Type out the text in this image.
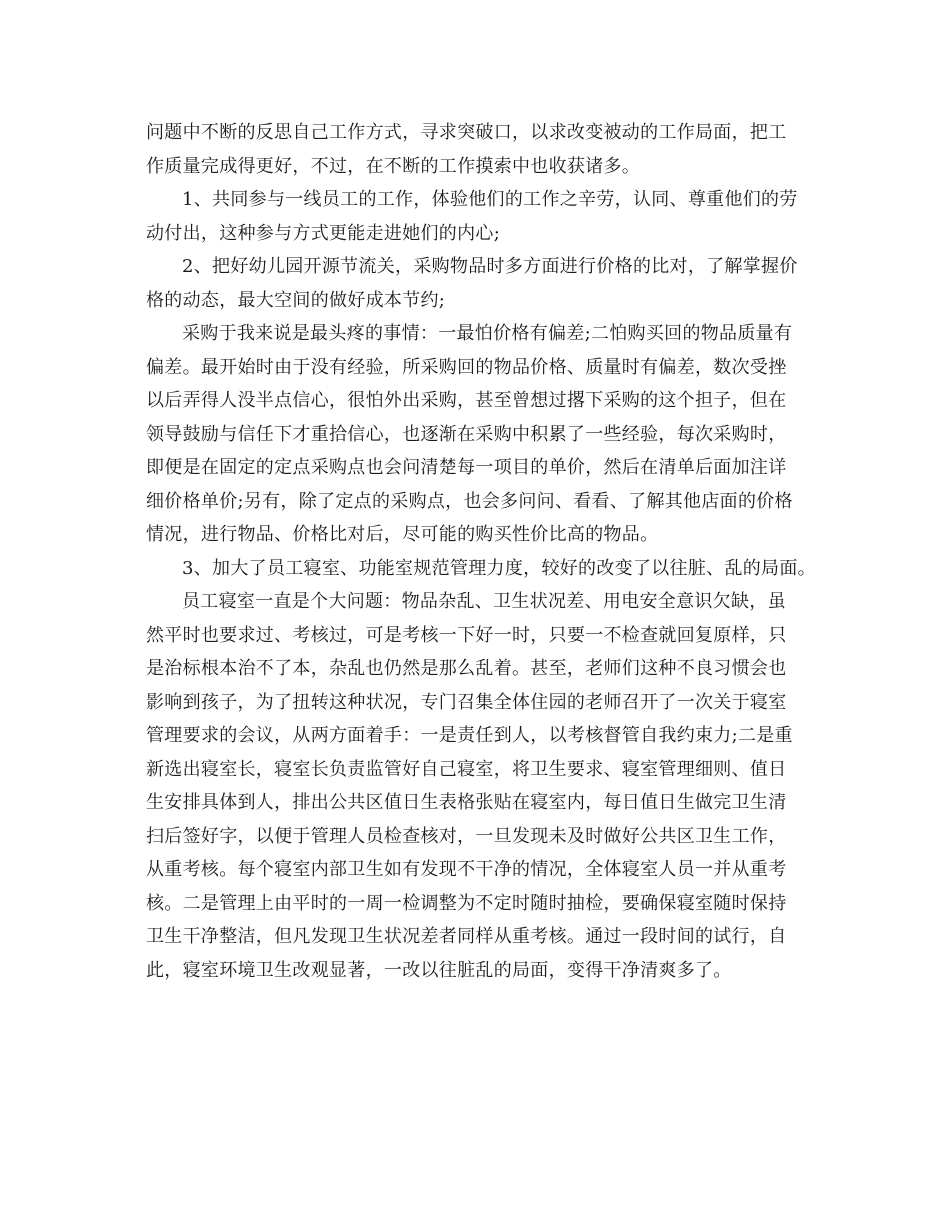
问题中不断的反思自己工作方式，寻求突破口，以求改变被动的工作局面，把工
作质量完成得更好，不过，在不断的工作摸索中也收获诸多。
1、共同参与一线员工的工作，体验他们的工作之辛劳，认同、尊重他们的劳
动付出，这种参与方式更能走进她们的内心;
2、把好幼儿园开源节流关，采购物品时多方面进行价格的比对，了解掌握价
格的动态，最大空间的做好成本节约;
采购于我来说是最头疼的事情：一最怕价格有偏差;二怕购买回的物品质量有
偏差。最开始时由于没有经验，所采购回的物品价格、质量时有偏差，数次受挫
以后弄得人没半点信心，很怕外出采购，甚至曾想过撂下采购的这个担子，但在
领导鼓励与信任下才重拾信心，也逐渐在采购中积累了一些经验，每次采购时，
即便是在固定的定点采购点也会问清楚每一项目的单价，然后在清单后面加注详
细价格单价;另有，除了定点的采购点，也会多问问、看看、了解其他店面的价格
情况，进行物品、价格比对后，尽可能的购买性价比高的物品。
3、加大了员工寝室、功能室规范管理力度，较好的改变了以往脏、乱的局面。
员工寝室一直是个大问题：物品杂乱、卫生状况差、用电安全意识欠缺，虽
然平时也要求过、考核过，可是考核一下好一时，只要一不检查就回复原样，只
是治标根本治不了本，杂乱也仍然是那么乱着。甚至，老师们这种不良习惯会也
影响到孩子，为了扭转这种状况，专门召集全体住园的老师召开了一次关于寝室
管理要求的会议，从两方面着手：一是责任到人，以考核督管自我约束力;二是重
新选出寝室长，寝室长负责监管好自己寝室，将卫生要求、寝室管理细则、值日
生安排具体到人，排出公共区值日生表格张贴在寝室内，每日值日生做完卫生清
扫后签好字，以便于管理人员检查核对，一旦发现未及时做好公共区卫生工作，
从重考核。每个寝室内部卫生如有发现不干净的情况，全体寝室人员一并从重考
核。二是管理上由平时的一周一检调整为不定时随时抽检，要确保寝室随时保持
卫生干净整洁，但凡发现卫生状况差者同样从重考核。通过一段时间的试行，自
此，寝室环境卫生改观显著，一改以往脏乱的局面，变得干净清爽多了。
